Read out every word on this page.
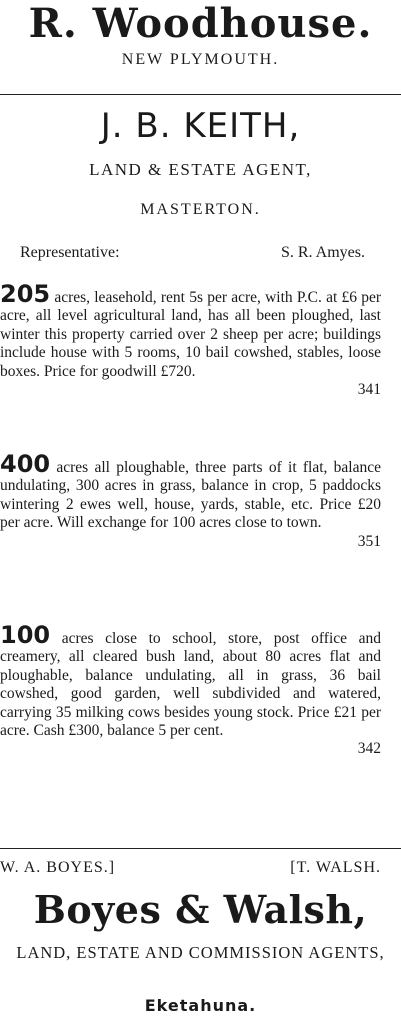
R. Woodhouse.
NEW PLYMOUTH.
J. B. KEITH,
LAND & ESTATE AGENT,
MASTERTON.
Representative:	S. R. Amyes.
205 acres, leasehold, rent 5s per acre, with P.C. at £6 per acre, all level agricultural land, has all been ploughed, last winter this property carried over 2 sheep per acre; buildings include house with 5 rooms, 10 bail cowshed, stables, loose boxes. Price for goodwill £720.
341
400 acres all ploughable, three parts of it flat, balance undulating, 300 acres in grass, balance in crop, 5 paddocks wintering 2 ewes well, house, yards, stable, etc. Price £20 per acre. Will exchange for 100 acres close to town.
351
100 acres close to school, store, post office and creamery, all cleared bush land, about 80 acres flat and ploughable, balance undulating, all in grass, 36 bail cowshed, good garden, well subdivided and watered, carrying 35 milking cows besides young stock. Price £21 per acre. Cash £300, balance 5 per cent.
342
W. A. BOYES.]	[T. WALSH.
Boyes & Walsh,
LAND, ESTATE AND COMMISSION AGENTS,
Eketahuna.
